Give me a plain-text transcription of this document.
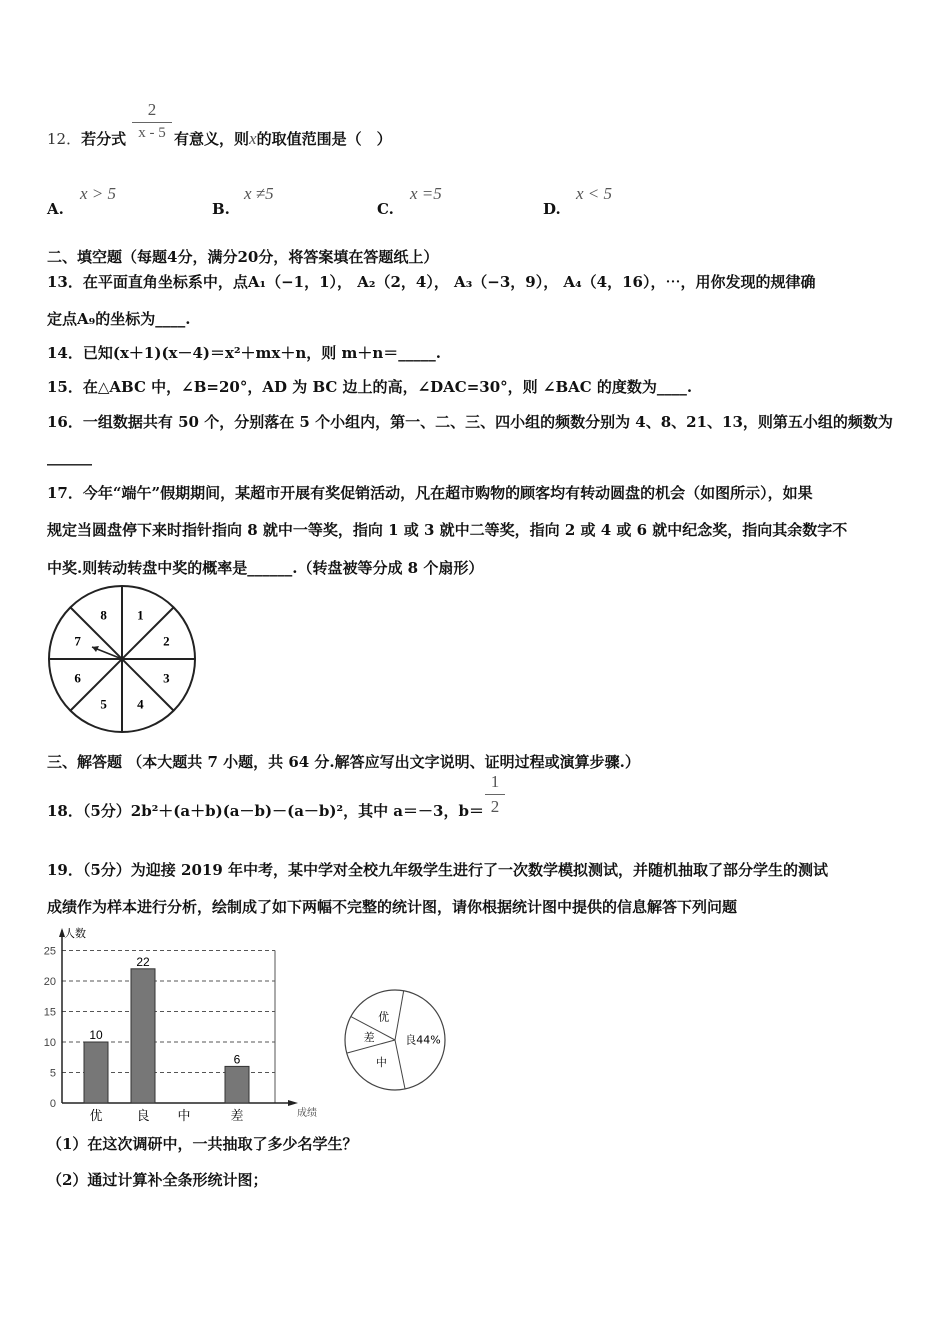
12．若分式
2
x - 5 有意义，则x的取值范围是（　）
A.
x > 5
B.
x ≠5
C.
x =5
D.
x < 5
二、填空题（每题4分，满分20分，将答案填在答题纸上）
13．在平面直角坐标系中，点A₁（−1，1）， A₂（2，4）， A₃（−3，9）， A₄（4，16），⋯，用你发现的规律确
定点A₉的坐标为____.
14．已知(x＋1)(x－4)＝x²＋mx＋n，则 m＋n＝_____.
15．在△ABC 中，∠B=20°，AD 为 BC 边上的高，∠DAC=30°，则 ∠BAC 的度数为____.
16．一组数据共有 50 个，分别落在 5 个小组内，第一、二、三、四小组的频数分别为 4、8、21、13，则第五小组的频数为
______
17．今年“端午”假期期间，某超市开展有奖促销活动，凡在超市购物的顾客均有转动圆盘的机会（如图所示），如果
规定当圆盘停下来时指针指向 8 就中一等奖，指向 1 或 3 就中二等奖，指向 2 或 4 或 6 就中纪念奖，指向其余数字不
中奖.则转动转盘中奖的概率是______.（转盘被等分成 8 个扇形）
1
2
3
4
5
6
7
8
0
5
10
15
20
25
人数
成绩
优
10
良
22
中	差
6
良44%
中
差
优
三、解答题 （本大题共 7 小题，共 64 分.解答应写出文字说明、证明过程或演算步骤.）
18．（5分）2b²＋(a＋b)(a－b)－(a－b)²，其中 a＝－3，b＝
1
2
19．（5分）为迎接 2019 年中考，某中学对全校九年级学生进行了一次数学模拟测试，并随机抽取了部分学生的测试
成绩作为样本进行分析，绘制成了如下两幅不完整的统计图，请你根据统计图中提供的信息解答下列问题
（1）在这次调研中，一共抽取了多少名学生？
（2）通过计算补全条形统计图；
